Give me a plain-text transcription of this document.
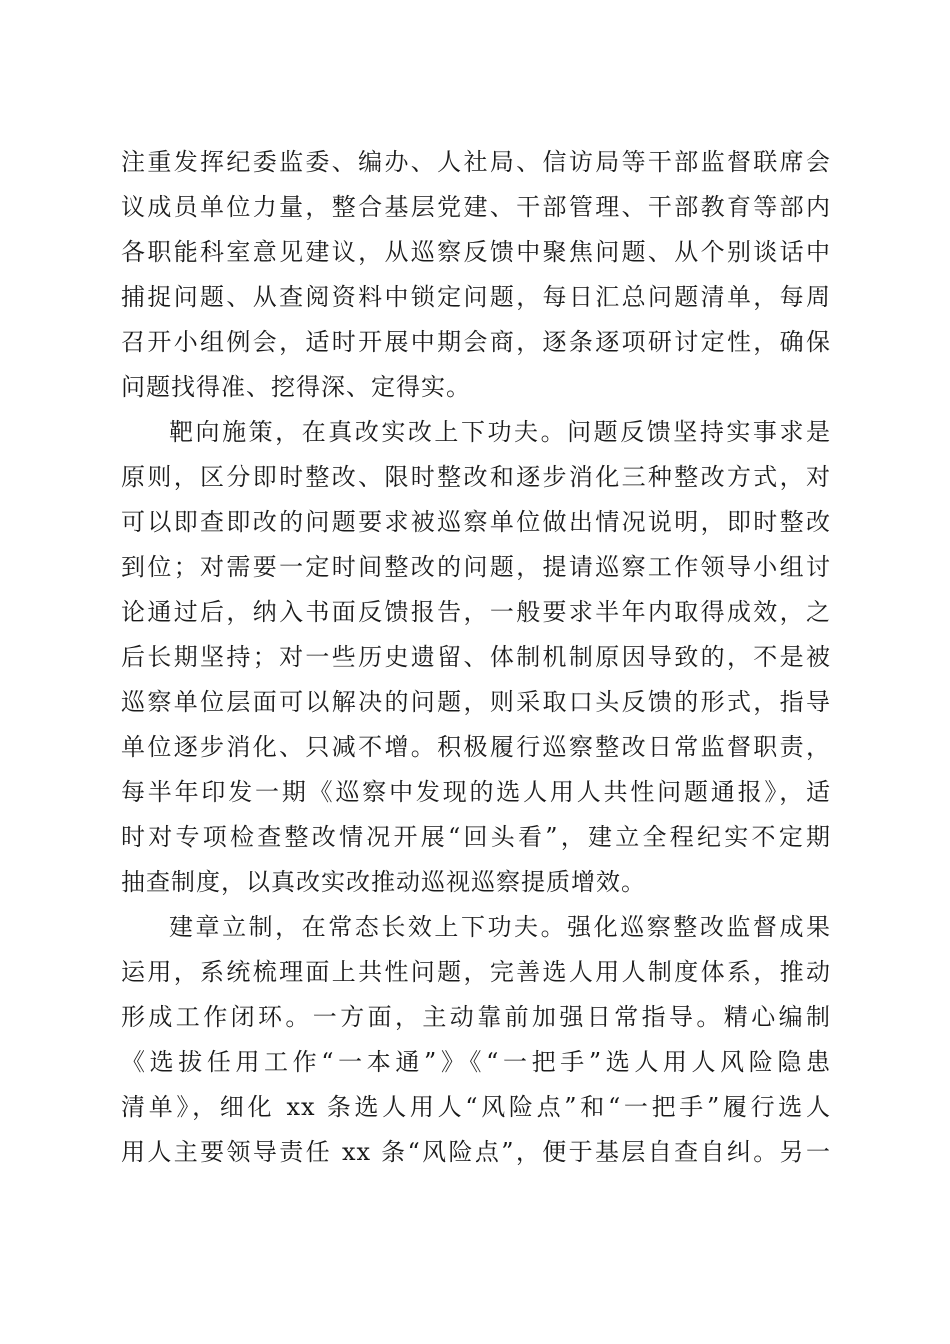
注重发挥纪委监委、编办、人社局、信访局等干部监督联席会
议成员单位力量，整合基层党建、干部管理、干部教育等部内
各职能科室意见建议，从巡察反馈中聚焦问题、从个别谈话中
捕捉问题、从查阅资料中锁定问题，每日汇总问题清单，每周
召开小组例会，适时开展中期会商，逐条逐项研讨定性，确保
问题找得准、挖得深、定得实。
靶向施策，在真改实改上下功夫。问题反馈坚持实事求是
原则，区分即时整改、限时整改和逐步消化三种整改方式，对
可以即查即改的问题要求被巡察单位做出情况说明，即时整改
到位；对需要一定时间整改的问题，提请巡察工作领导小组讨
论通过后，纳入书面反馈报告，一般要求半年内取得成效，之
后长期坚持；对一些历史遗留、体制机制原因导致的，不是被
巡察单位层面可以解决的问题，则采取口头反馈的形式，指导
单位逐步消化、只减不增。积极履行巡察整改日常监督职责，
每半年印发一期《巡察中发现的选人用人共性问题通报》，适
时对专项检查整改情况开展“回头看”，建立全程纪实不定期
抽查制度，以真改实改推动巡视巡察提质增效。
建章立制，在常态长效上下功夫。强化巡察整改监督成果
运用，系统梳理面上共性问题，完善选人用人制度体系，推动
形成工作闭环。一方面，主动靠前加强日常指导。精心编制
《选拔任用工作“一本通”》《“一把手”选人用人风险隐患
清单》，细化 xx 条选人用人“风险点”和“一把手”履行选人
用人主要领导责任 xx 条“风险点”，便于基层自查自纠。另一
